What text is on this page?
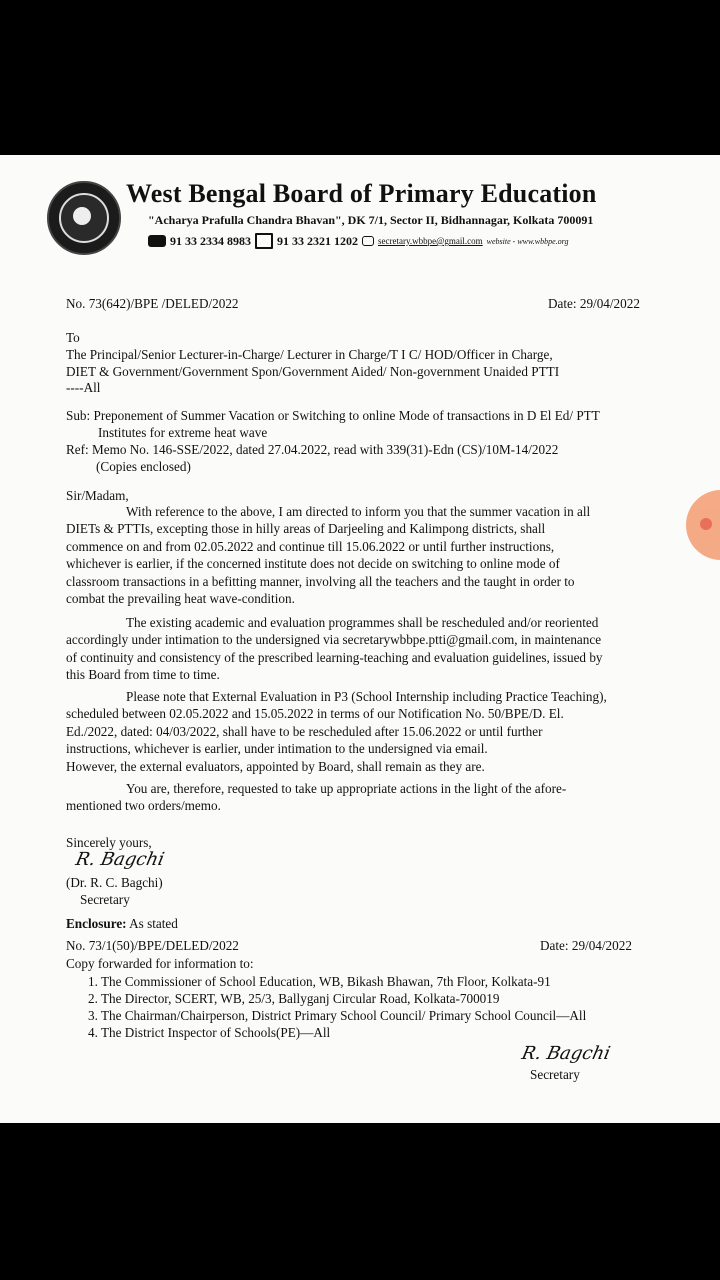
West Bengal Board of Primary Education
"Acharya Prafulla Chandra Bhavan", DK 7/1, Sector II, Bidhannagar, Kolkata 700091
91 33 2334 8983 91 33 2321 1202 secretary.wbbpe@gmail.com website - www.wbbpe.org
No. 73(642)/BPE /DELED/2022	Date: 29/04/2022
To
The Principal/Senior Lecturer-in-Charge/ Lecturer in Charge/T I C/ HOD/Officer in Charge,
DIET & Government/Government Spon/Government Aided/ Non-government Unaided PTTI
----All
Sub: Preponement of Summer Vacation or Switching to online Mode of transactions in D El Ed/ PTT
Institutes for extreme heat wave
Ref: Memo No. 146-SSE/2022, dated 27.04.2022, read with 339(31)-Edn (CS)/10M-14/2022
(Copies enclosed)
Sir/Madam,
With reference to the above, I am directed to inform you that the summer vacation in all
DIETs & PTTIs, excepting those in hilly areas of Darjeeling and Kalimpong districts, shall
commence on and from 02.05.2022 and continue till 15.06.2022 or until further instructions,
whichever is earlier, if the concerned institute does not decide on switching to online mode of
classroom transactions in a befitting manner, involving all the teachers and the taught in order to
combat the prevailing heat wave-condition.
The existing academic and evaluation programmes shall be rescheduled and/or reoriented
accordingly under intimation to the undersigned via secretarywbbpe.ptti@gmail.com, in maintenance
of continuity and consistency of the prescribed learning-teaching and evaluation guidelines, issued by
this Board from time to time.
Please note that External Evaluation in P3 (School Internship including Practice Teaching),
scheduled between 02.05.2022 and 15.05.2022 in terms of our Notification No. 50/BPE/D. El.
Ed./2022, dated: 04/03/2022, shall have to be rescheduled after 15.06.2022 or until further
instructions, whichever is earlier, under intimation to the undersigned via email.
However, the external evaluators, appointed by Board, shall remain as they are.
You are, therefore, requested to take up appropriate actions in the light of the afore-
mentioned two orders/memo.
Sincerely yours,
R. Bagchi
(Dr. R. C. Bagchi)
Secretary
Enclosure: As stated
No. 73/1(50)/BPE/DELED/2022	Date: 29/04/2022
Copy forwarded for information to:
1. The Commissioner of School Education, WB, Bikash Bhawan, 7th Floor, Kolkata-91
2. The Director, SCERT, WB, 25/3, Ballyganj Circular Road, Kolkata-700019
3. The Chairman/Chairperson, District Primary School Council/ Primary School Council—All
4. The District Inspector of Schools(PE)—All
R. Bagchi
Secretary
